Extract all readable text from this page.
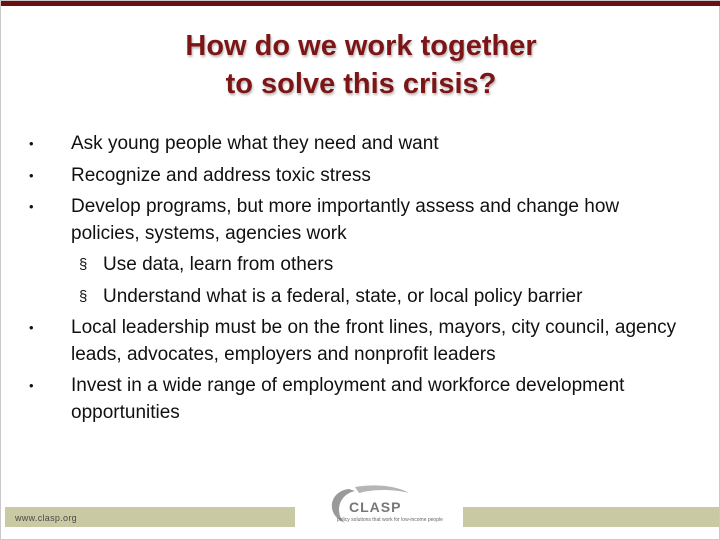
How do we work together
to solve this crisis?
•	Ask young people what they need and want
•	Recognize and address toxic stress
•	Develop programs, but more importantly assess and change how policies, systems, agencies work
§ Use data, learn from others
§ Understand what is a federal, state, or local policy barrier
•	Local leadership must be on the front lines, mayors, city council, agency leads, advocates, employers and nonprofit leaders
•	Invest in a wide range of employment and workforce development opportunities
www.clasp.org
CLASP
policy solutions that work for low-income people
